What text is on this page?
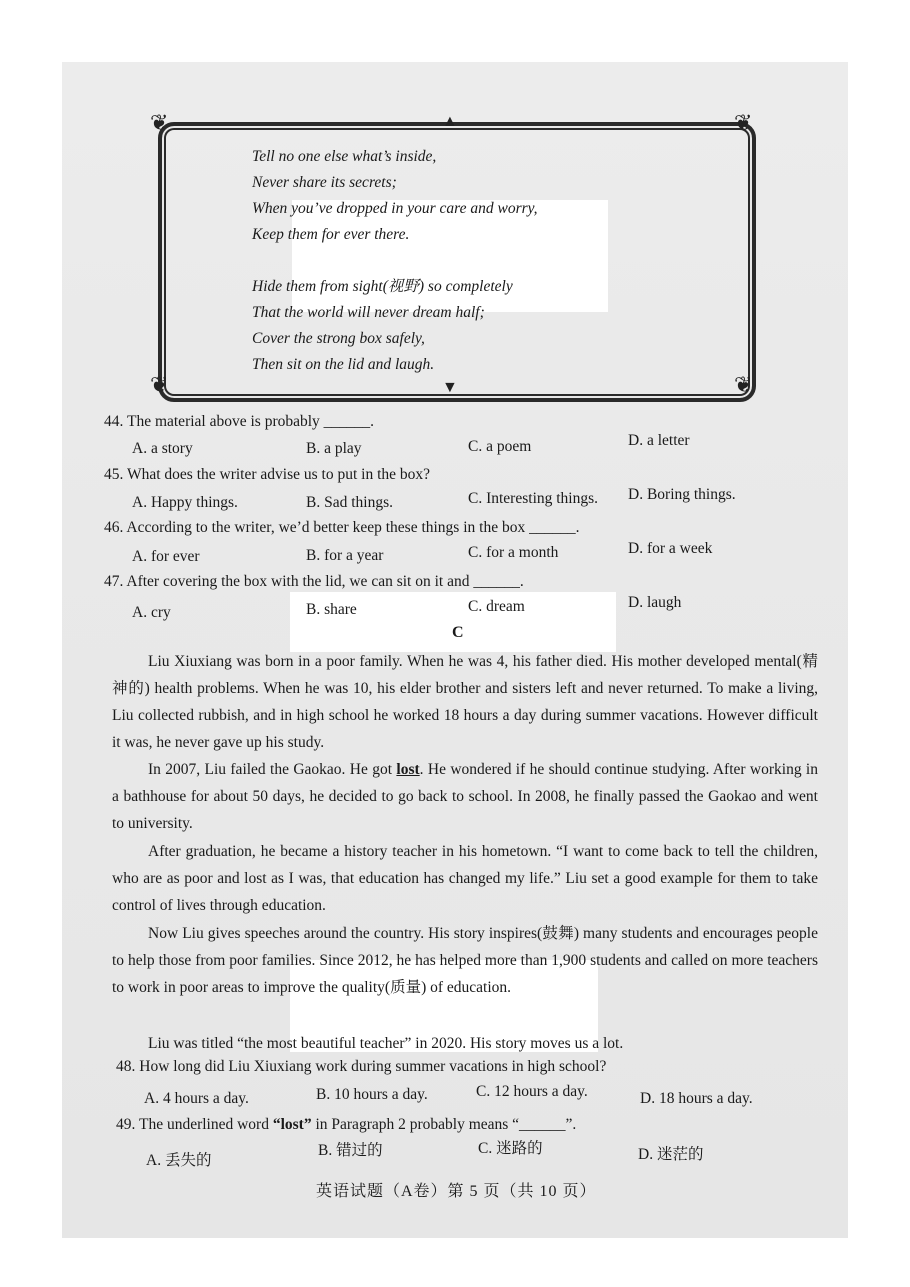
❦	❦
❦	❦
▲
▼
Tell no one else what’s inside,
Never share its secrets;
When you’ve dropped in your care and worry,
Keep them for ever there.
Hide them from sight(视野) so completely
That the world will never dream half;
Cover the strong box safely,
Then sit on the lid and laugh.
44. The material above is probably ______.
A. a story	B. a play	C. a poem	D. a letter
45. What does the writer advise us to put in the box?
A. Happy things.	B. Sad things.	C. Interesting things. D. Boring things.
46. According to the writer, we’d better keep these things in the box ______.
A. for ever	B. for a year	C. for a month	D. for a week
47. After covering the box with the lid, we can sit on it and ______.
A. cry	B. share	C. dream	D. laugh
C
Liu Xiuxiang was born in a poor family. When he was 4, his father died. His mother developed mental(精神的) health problems. When he was 10, his elder brother and sisters left and never returned. To make a living, Liu collected rubbish, and in high school he worked 18 hours a day during summer vacations. However difficult it was, he never gave up his study.
In 2007, Liu failed the Gaokao. He got lost. He wondered if he should continue studying. After working in a bathhouse for about 50 days, he decided to go back to school. In 2008, he finally passed the Gaokao and went to university.
After graduation, he became a history teacher in his hometown. “I want to come back to tell the children, who are as poor and lost as I was, that education has changed my life.” Liu set a good example for them to take control of lives through education.
Now Liu gives speeches around the country. His story inspires(鼓舞) many students and encourages people to help those from poor families. Since 2012, he has helped more than 1,900 students and called on more teachers to work in poor areas to improve the quality(质量) of education.
Liu was titled “the most beautiful teacher” in 2020. His story moves us a lot.
48. How long did Liu Xiuxiang work during summer vacations in high school?
A. 4 hours a day.	B. 10 hours a day.	C. 12 hours a day.	D. 18 hours a day.
49. The underlined word “lost” in Paragraph 2 probably means “______”.
A. 丢失的
B. 错过的	C. 迷路的	D. 迷茫的
英语试题（A卷）第 5 页（共 10 页）
